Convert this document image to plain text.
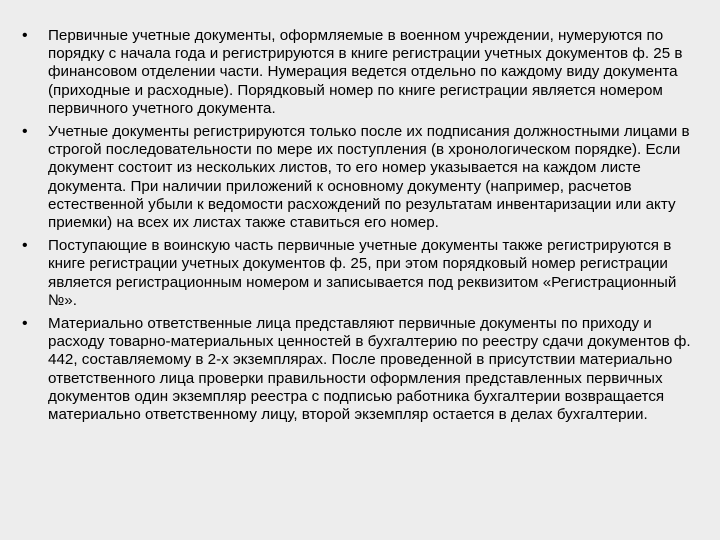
•	Первичные учетные документы, оформляемые в военном учреждении, нумеруются по порядку с начала года и регистрируются в книге регистрации учетных документов ф. 25 в финансовом отделении части. Нумерация ведется отдельно по каждому виду документа (приходные и расходные). Порядковый номер по книге регистрации является номером первичного учетного документа.
•	Учетные документы регистрируются только после их подписания должностными лицами в строгой последовательности по мере их поступления (в хронологическом порядке). Если документ состоит из нескольких листов, то его номер указывается на каждом листе документа. При наличии приложений к основному документу (например, расчетов естественной убыли к ведомости расхождений по результатам инвентаризации или акту приемки) на всех их листах также ставиться его номер.
•	Поступающие в воинскую часть первичные учетные документы также регистрируются в книге регистрации учетных документов ф. 25, при этом порядковый номер регистрации является регистрационным номером и записывается под реквизитом «Регистрационный №».
•	Материально ответственные лица представляют первичные документы по приходу и расходу товарно-материальных ценностей в бухгалтерию по реестру сдачи документов ф. 442, составляемому в 2-х экземплярах. После проведенной в присутствии материально ответственного лица проверки правильности оформления представленных первичных документов один экземпляр реестра с подписью работника бухгалтерии возвращается материально ответственному лицу, второй экземпляр остается в делах бухгалтерии.
